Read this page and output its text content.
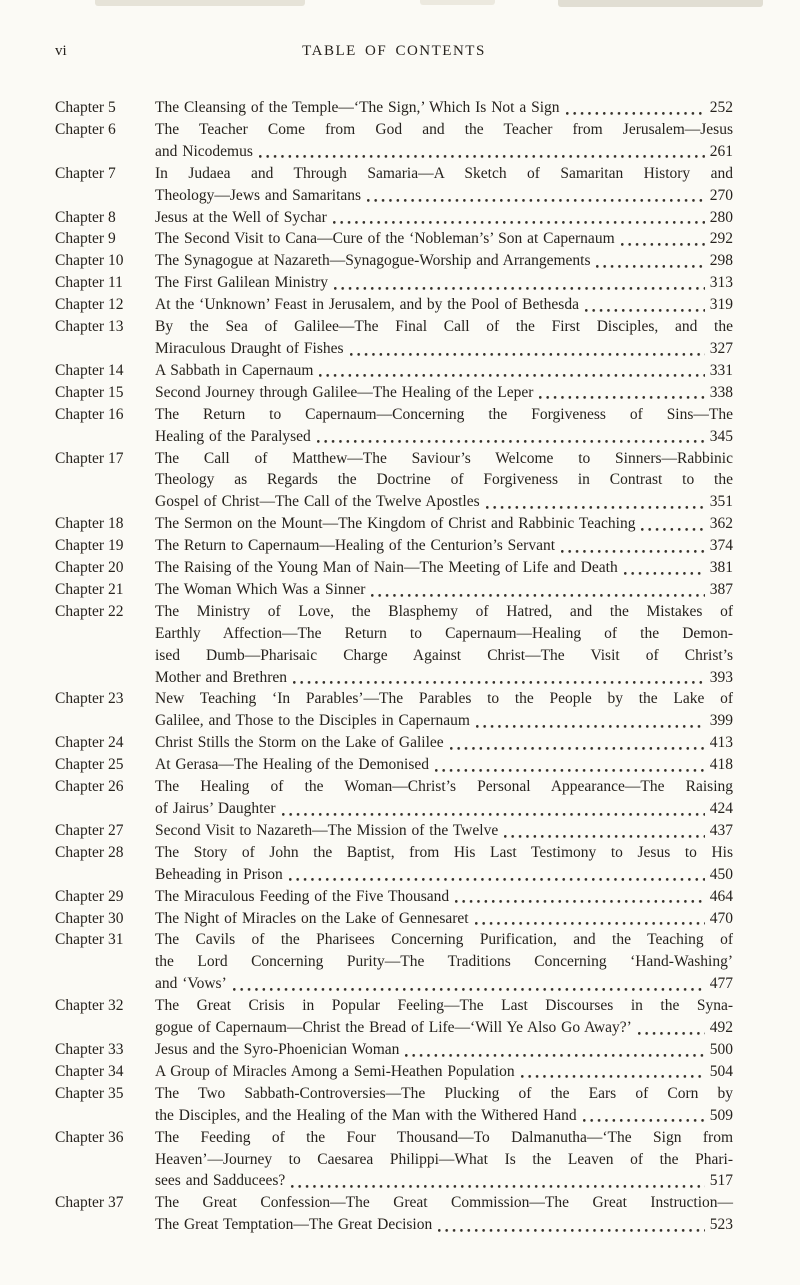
vi	TABLE OF CONTENTS
Chapter 5	The Cleansing of the Temple—‘The Sign,’ Which Is Not a Sign	252
Chapter 6	The Teacher Come from God and the Teacher from Jerusalem—Jesus
and Nicodemus	261
Chapter 7	In Judaea and Through Samaria—A Sketch of Samaritan History and
Theology—Jews and Samaritans	270
Chapter 8	Jesus at the Well of Sychar	280
Chapter 9	The Second Visit to Cana—Cure of the ‘Nobleman’s’ Son at Capernaum	292
Chapter 10	The Synagogue at Nazareth—Synagogue-Worship and Arrangements	298
Chapter 11	The First Galilean Ministry	313
Chapter 12	At the ‘Unknown’ Feast in Jerusalem, and by the Pool of Bethesda	319
Chapter 13	By the Sea of Galilee—The Final Call of the First Disciples, and the
Miraculous Draught of Fishes	327
Chapter 14	A Sabbath in Capernaum	331
Chapter 15	Second Journey through Galilee—The Healing of the Leper	338
Chapter 16	The Return to Capernaum—Concerning the Forgiveness of Sins—The
Healing of the Paralysed	345
Chapter 17	The Call of Matthew—The Saviour’s Welcome to Sinners—Rabbinic
Theology as Regards the Doctrine of Forgiveness in Contrast to the
Gospel of Christ—The Call of the Twelve Apostles	351
Chapter 18	The Sermon on the Mount—The Kingdom of Christ and Rabbinic Teaching	362
Chapter 19	The Return to Capernaum—Healing of the Centurion’s Servant	374
Chapter 20	The Raising of the Young Man of Nain—The Meeting of Life and Death	381
Chapter 21	The Woman Which Was a Sinner	387
Chapter 22	The Ministry of Love, the Blasphemy of Hatred, and the Mistakes of
Earthly Affection—The Return to Capernaum—Healing of the Demon-
ised Dumb—Pharisaic Charge Against Christ—The Visit of Christ’s
Mother and Brethren	393
Chapter 23	New Teaching ‘In Parables’—The Parables to the People by the Lake of
Galilee, and Those to the Disciples in Capernaum	399
Chapter 24	Christ Stills the Storm on the Lake of Galilee	413
Chapter 25	At Gerasa—The Healing of the Demonised	418
Chapter 26	The Healing of the Woman—Christ’s Personal Appearance—The Raising
of Jairus’ Daughter	424
Chapter 27	Second Visit to Nazareth—The Mission of the Twelve	437
Chapter 28	The Story of John the Baptist, from His Last Testimony to Jesus to His
Beheading in Prison	450
Chapter 29	The Miraculous Feeding of the Five Thousand	464
Chapter 30	The Night of Miracles on the Lake of Gennesaret	470
Chapter 31	The Cavils of the Pharisees Concerning Purification, and the Teaching of
the Lord Concerning Purity—The Traditions Concerning ‘Hand-Washing’
and ‘Vows’	477
Chapter 32	The Great Crisis in Popular Feeling—The Last Discourses in the Syna-
gogue of Capernaum—Christ the Bread of Life—‘Will Ye Also Go Away?’	492
Chapter 33	Jesus and the Syro-Phoenician Woman	500
Chapter 34	A Group of Miracles Among a Semi-Heathen Population	504
Chapter 35	The Two Sabbath-Controversies—The Plucking of the Ears of Corn by
the Disciples, and the Healing of the Man with the Withered Hand	509
Chapter 36	The Feeding of the Four Thousand—To Dalmanutha—‘The Sign from
Heaven’—Journey to Caesarea Philippi—What Is the Leaven of the Phari-
sees and Sadducees?	517
Chapter 37	The Great Confession—The Great Commission—The Great Instruction—
The Great Temptation—The Great Decision	523
